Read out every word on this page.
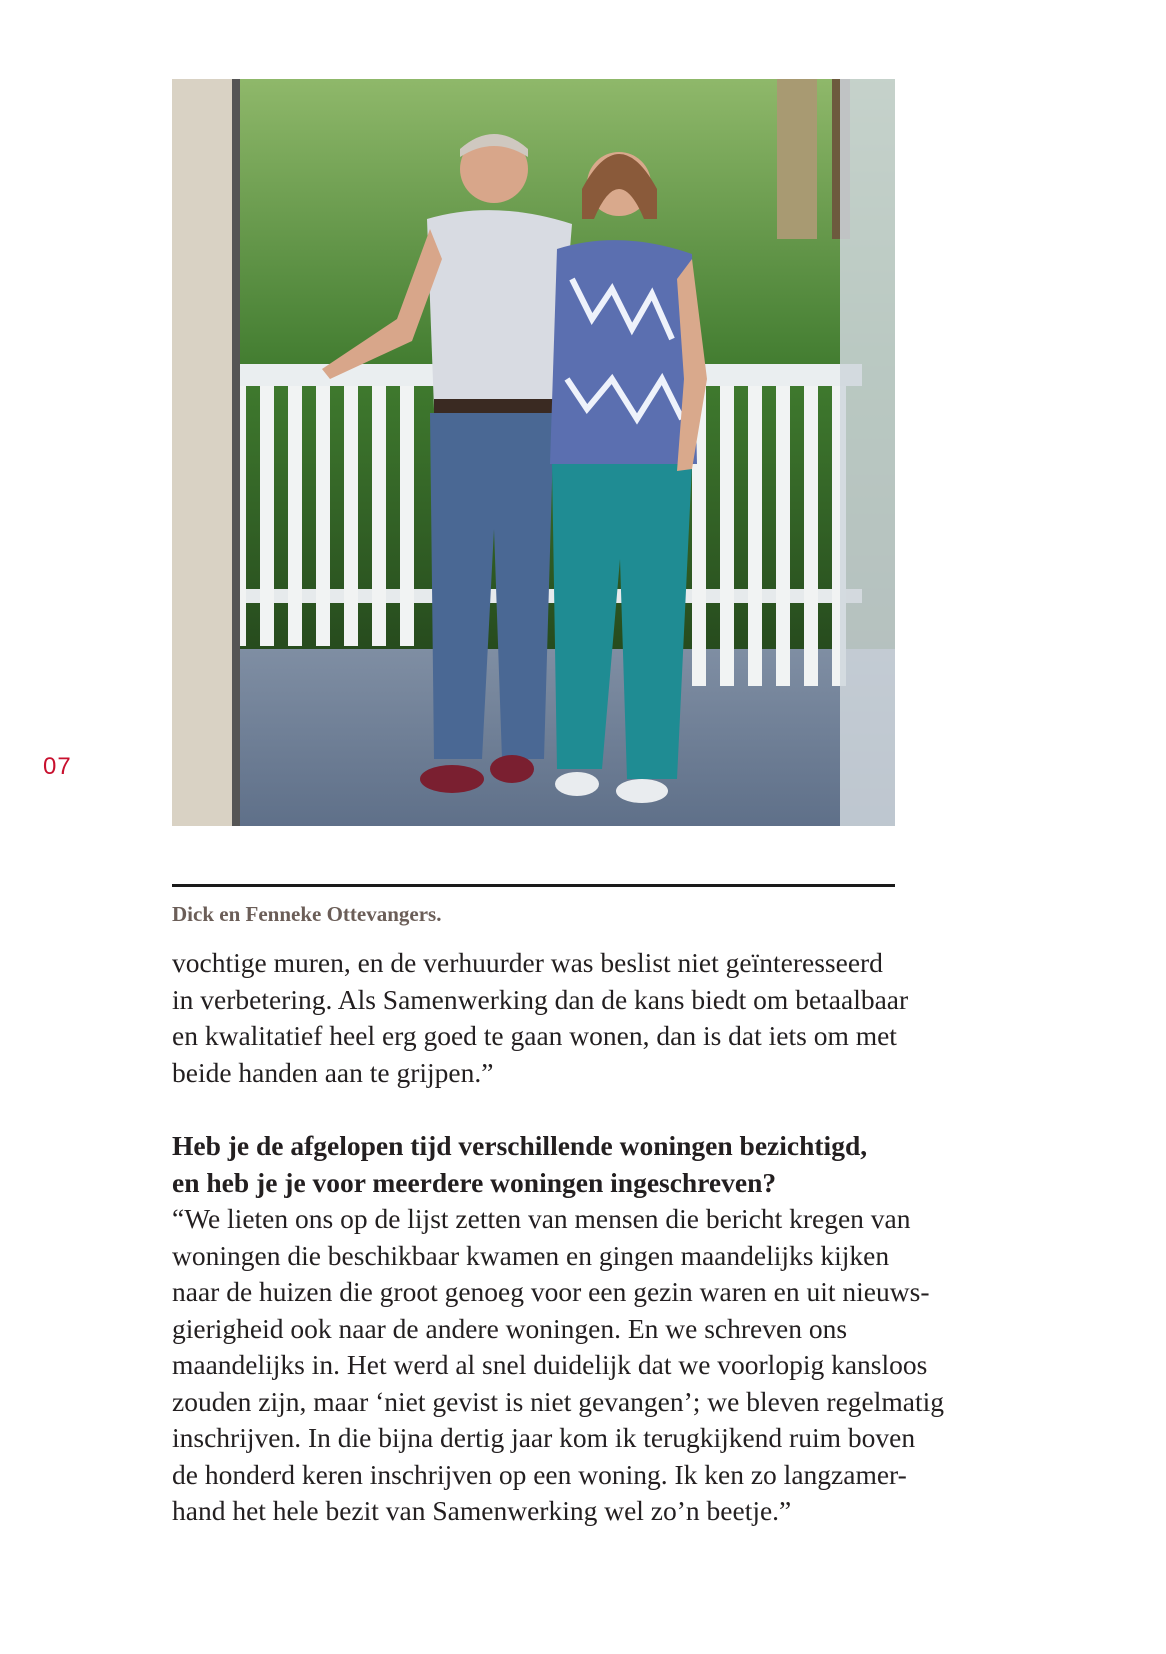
07
Dick en Fenneke Ottevangers.

vochtige muren, en de verhuurder was beslist niet geïnteresseerd

in verbetering. Als Samenwerking dan de kans biedt om betaalbaar

en kwalitatief heel erg goed te gaan wonen, dan is dat iets om met

beide handen aan te grijpen.”

Heb je de afgelopen tijd verschillende woningen bezichtigd,

en heb je je voor meerdere woningen ingeschreven?

“We lieten ons op de lijst zetten van mensen die bericht kregen van

woningen die beschikbaar kwamen en gingen maandelijks kijken

naar de huizen die groot genoeg voor een gezin waren en uit nieuws-

gierigheid ook naar de andere woningen. En we schreven ons

maandelijks in. Het werd al snel duidelijk dat we voorlopig kansloos

zouden zijn, maar ‘niet gevist is niet gevangen’; we bleven regelmatig

inschrijven. In die bijna dertig jaar kom ik terugkijkend ruim boven

de honderd keren inschrijven op een woning. Ik ken zo langzamer-

hand het hele bezit van Samenwerking wel zo’n beetje.”
